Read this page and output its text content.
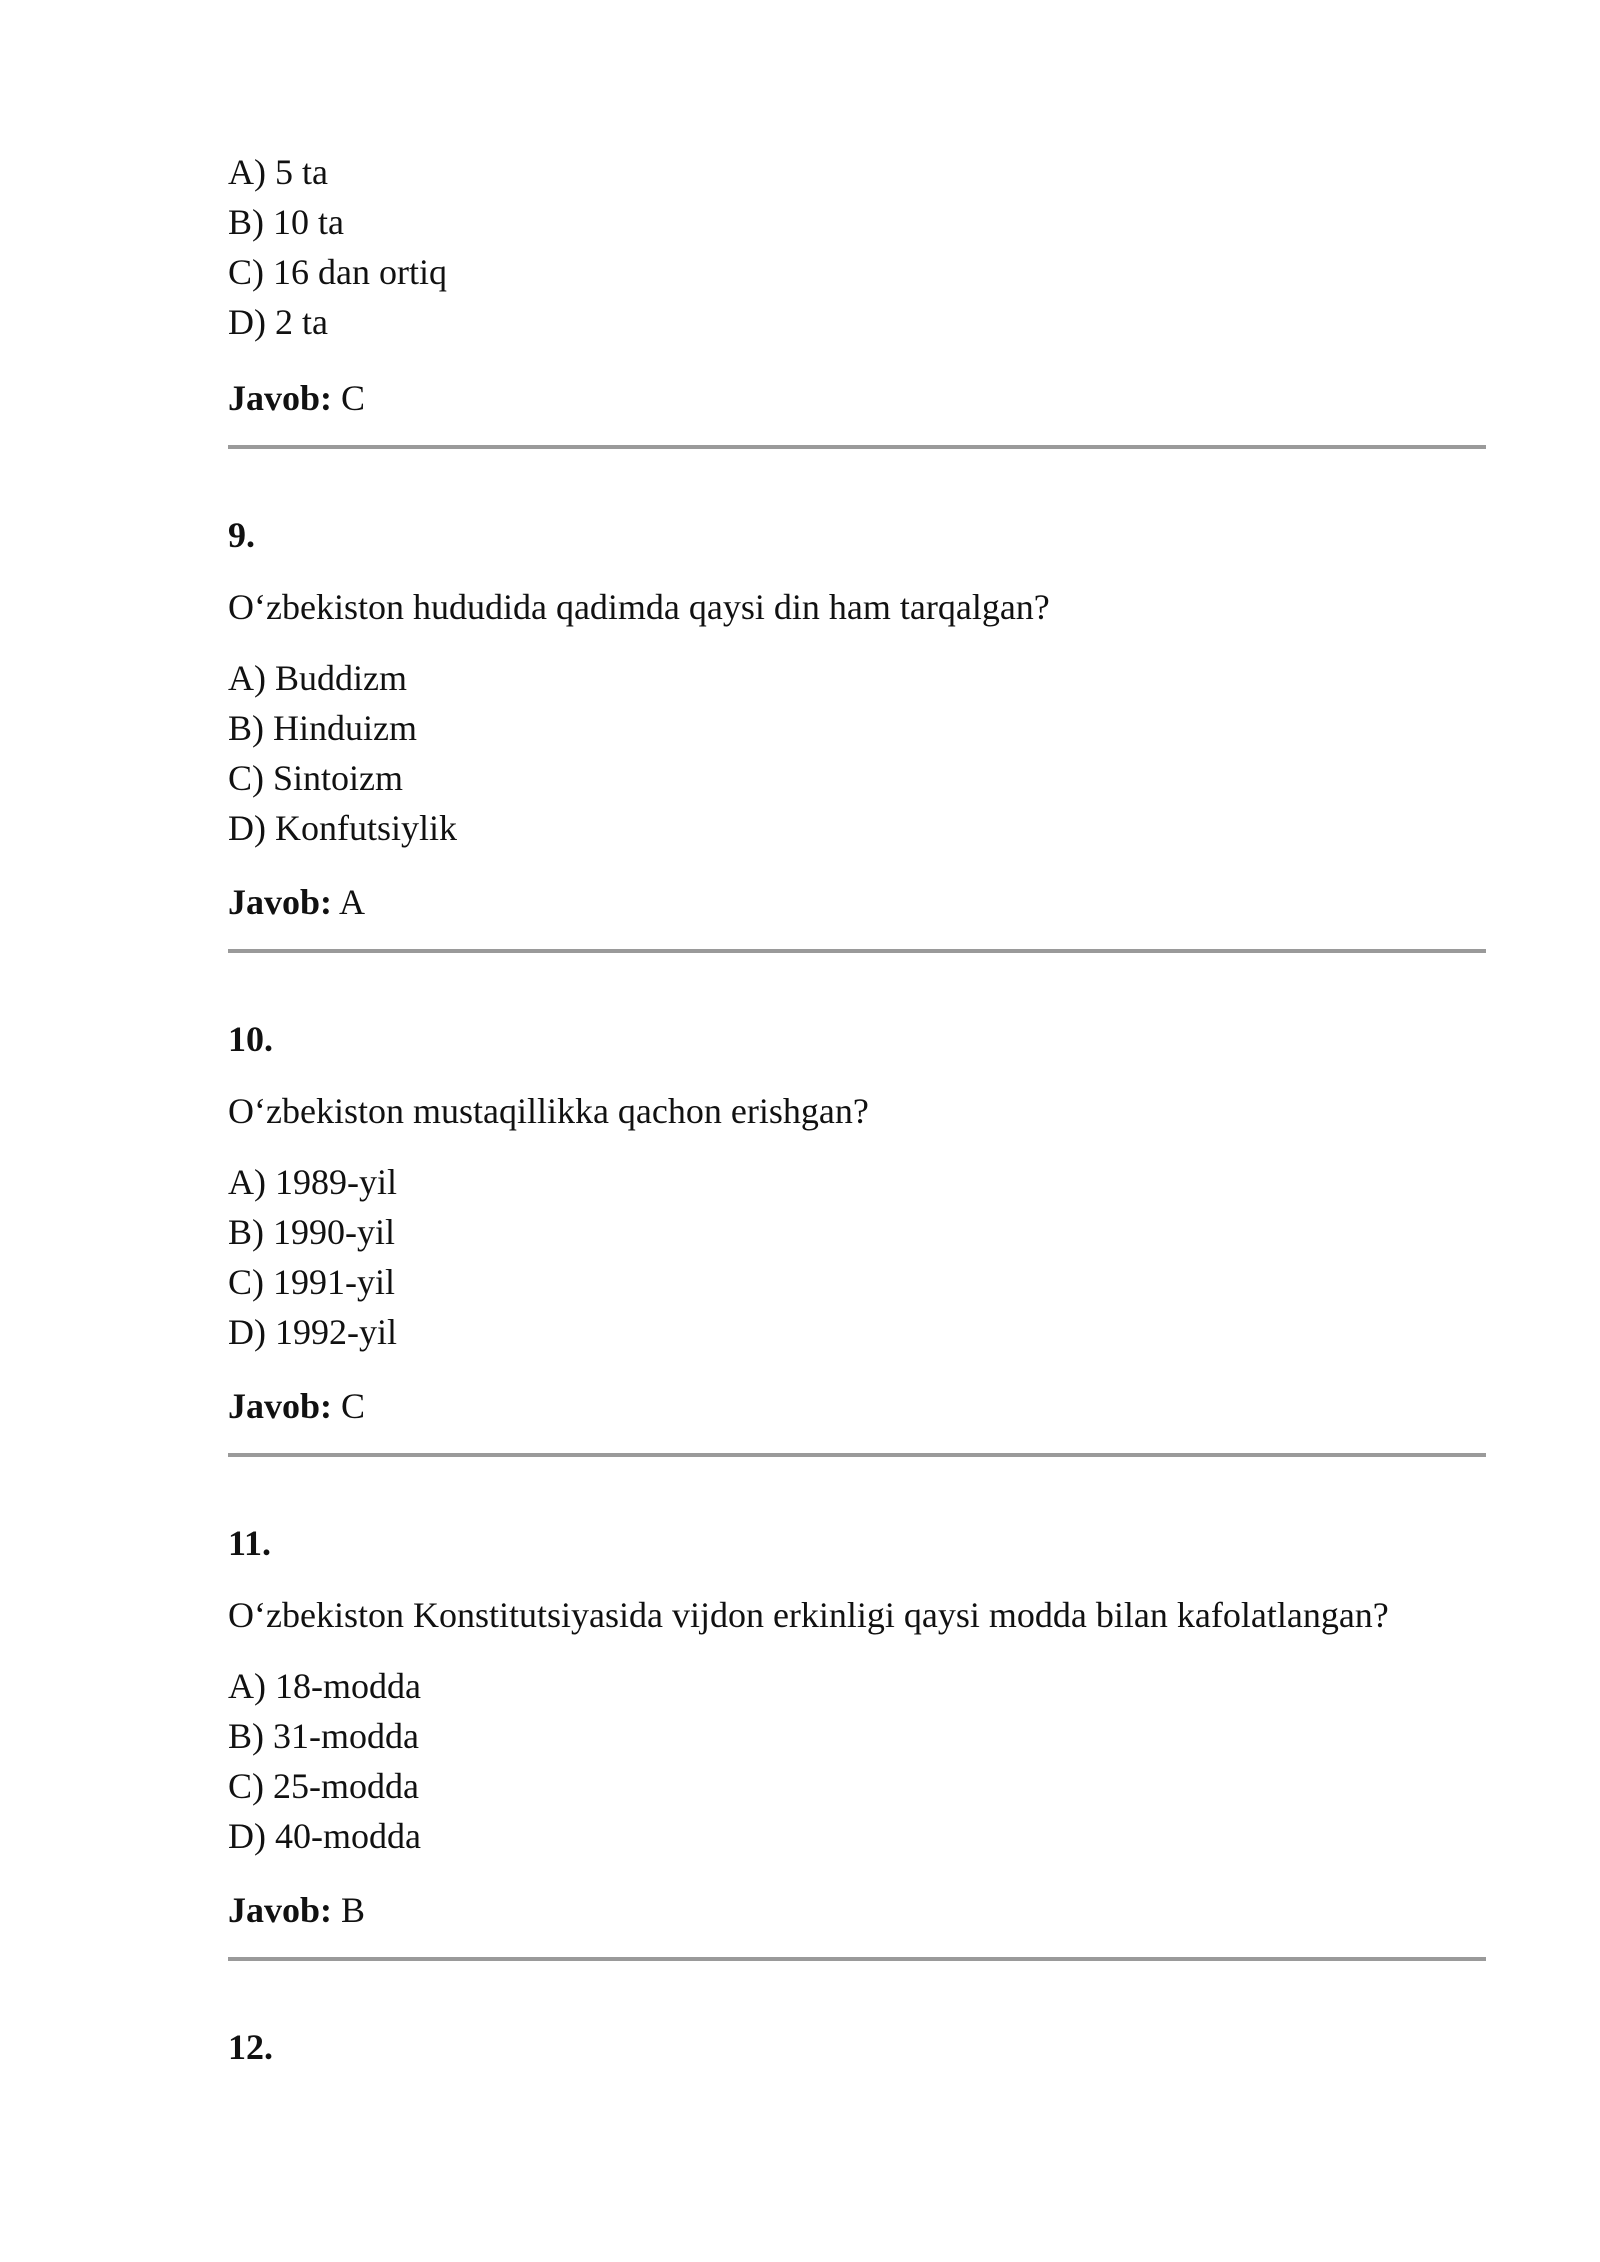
A) 5 ta
B) 10 ta
C) 16 dan ortiq
D) 2 ta
Javob: C
9.
O‘zbekiston hududida qadimda qaysi din ham tarqalgan?
A) Buddizm
B) Hinduizm
C) Sintoizm
D) Konfutsiylik
Javob: A
10.
O‘zbekiston mustaqillikka qachon erishgan?
A) 1989-yil
B) 1990-yil
C) 1991-yil
D) 1992-yil
Javob: C
11.
O‘zbekiston Konstitutsiyasida vijdon erkinligi qaysi modda bilan kafolatlangan?
A) 18-modda
B) 31-modda
C) 25-modda
D) 40-modda
Javob: B
12.
